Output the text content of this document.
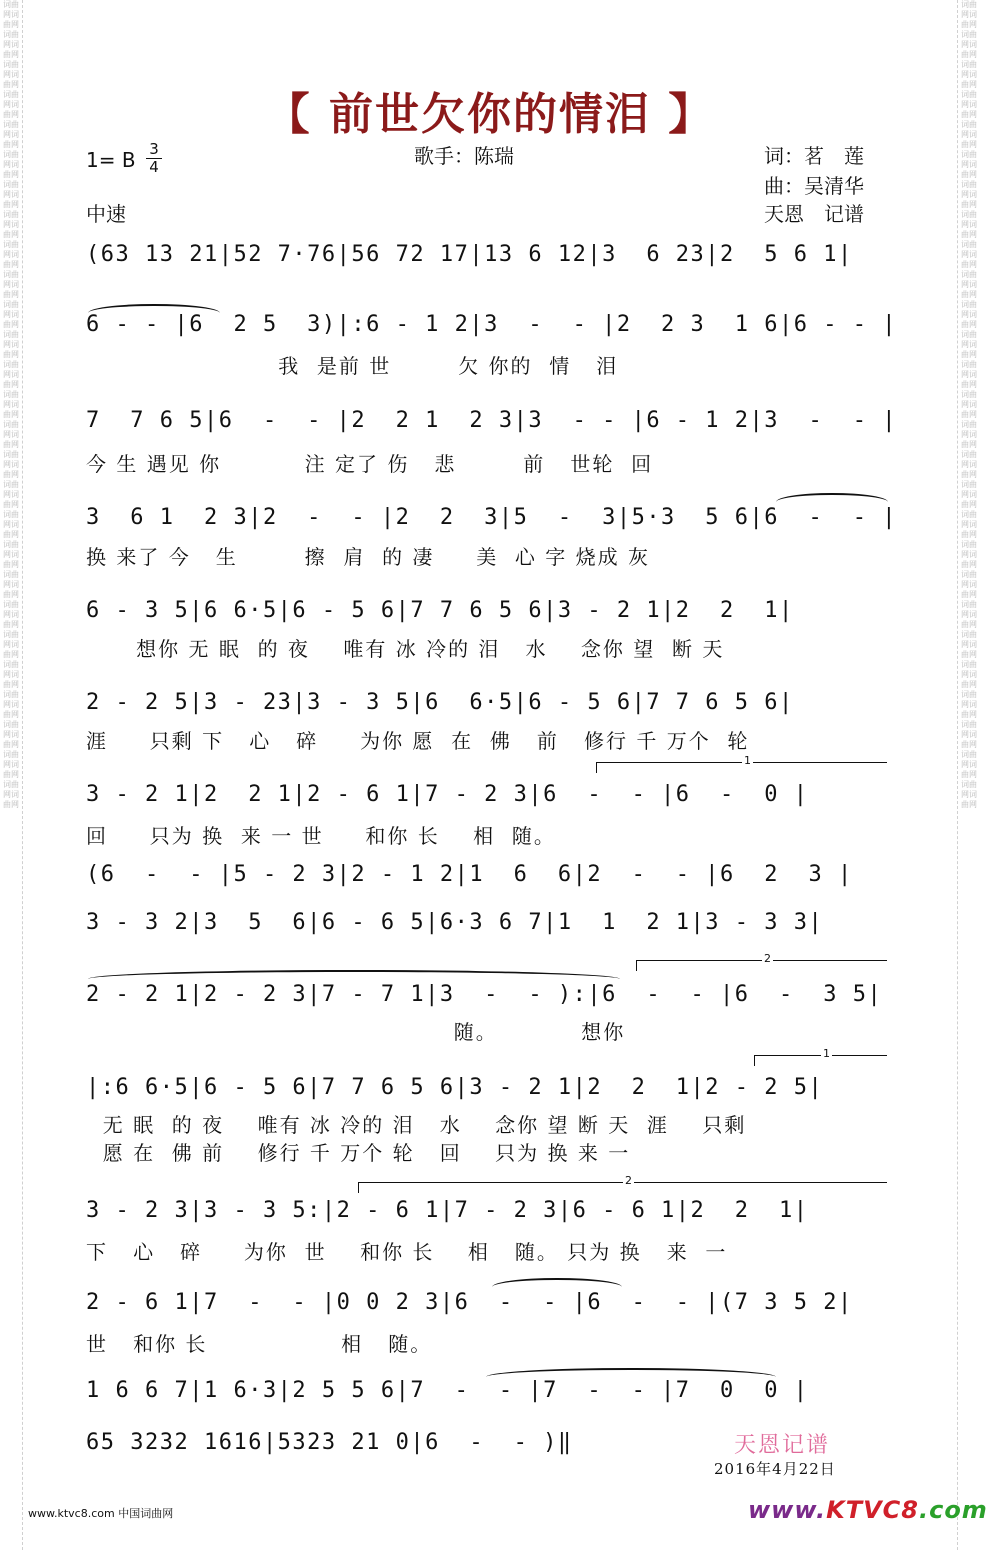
词曲网词曲网词曲网词曲网词曲网词曲网词曲网词曲网词曲网词曲网词曲网词曲网词曲网词曲网词曲网词曲网词曲网词曲网词曲网词曲网词曲网词曲网词曲网词曲网词曲网词曲网词曲网词曲网词曲网词曲网词曲网词曲网词曲网词曲网词曲网词曲网词曲网词曲网词曲网词曲网词曲网词曲网词曲网词曲网词曲网词曲网词曲网词曲网词曲网词曲网词曲网词曲网词曲网词曲网
词曲网词曲网词曲网词曲网词曲网词曲网词曲网词曲网词曲网词曲网词曲网词曲网词曲网词曲网词曲网词曲网词曲网词曲网词曲网词曲网词曲网词曲网词曲网词曲网词曲网词曲网词曲网词曲网词曲网词曲网词曲网词曲网词曲网词曲网词曲网词曲网词曲网词曲网词曲网词曲网词曲网词曲网词曲网词曲网词曲网词曲网词曲网词曲网词曲网词曲网词曲网词曲网词曲网词曲网
【 前世欠你的情泪 】
1= B 3
4
中速
歌手：陈瑞	词：茗　莲
曲：吴清华
天恩　记谱
(63 13 21|52 7·76|56 72 17|13 6 12|3  6 23|2  5 6 1|
6 - - |6  2 5  3)|:6 - 1 2|3  -  - |2  2 3  1 6|6 - - |
我  是前 世        欠 你的  情   泪
7  7 6 5|6  -  - |2  2 1  2 3|3  - - |6 - 1 2|3  -  - |
今 生 遇见 你          注 定了 伤   悲        前   世轮  回
3  6 1  2 3|2  -  - |2  2  3|5  -  3|5·3  5 6|6  -  - |
换 来了 今   生        擦  肩  的 凄     美  心 字 烧成 灰
6 - 3 5|6 6·5|6 - 5 6|7 7 6 5 6|3 - 2 1|2  2  1|
想你 无 眠  的 夜    唯有 冰 冷的 泪   水    念你 望  断 天
2 - 2 5|3 - 23|3 - 3 5|6  6·5|6 - 5 6|7 7 6 5 6|
涯     只剩 下   心   碎     为你 愿  在  佛   前   修行 千 万个  轮
1
3 - 2 1|2  2 1|2 - 6 1|7 - 2 3|6  -  - |6  -  0 |
回     只为 换  来 一 世     和你 长    相  随。
(6  -  - |5 - 2 3|2 - 1 2|1  6  6|2  -  - |6  2  3 |
3 - 3 2|3  5  6|6 - 6 5|6·3 6 7|1  1  2 1|3 - 3 3|
2
2 - 2 1|2 - 2 3|7 - 7 1|3  -  - ):|6  -  - |6  -  3 5|
随。          想你
1
|:6 6·5|6 - 5 6|7 7 6 5 6|3 - 2 1|2  2  1|2 - 2 5|
无 眠  的 夜    唯有 冰 冷的 泪   水    念你 望 断 天  涯    只剩
愿 在  佛 前    修行 千 万个 轮   回    只为 换 来 一
2
3 - 2 3|3 - 3 5:|2 - 6 1|7 - 2 3|6 - 6 1|2  2  1|
下   心   碎     为你  世    和你 长    相   随。 只为 换   来  一
2 - 6 1|7  -  - |0 0 2 3|6  -  - |6  -  - |(7 3 5 2|
世   和你 长                相   随。
1 6 6 7|1 6·3|2 5 5 6|7  -  - |7  -  - |7  0  0 |
65 3232 1616|5323 21 0|6  -  - )‖	天恩记谱
2016年4月22日
www.ktvc8.com 中国词曲网	www.KTVC8.com
